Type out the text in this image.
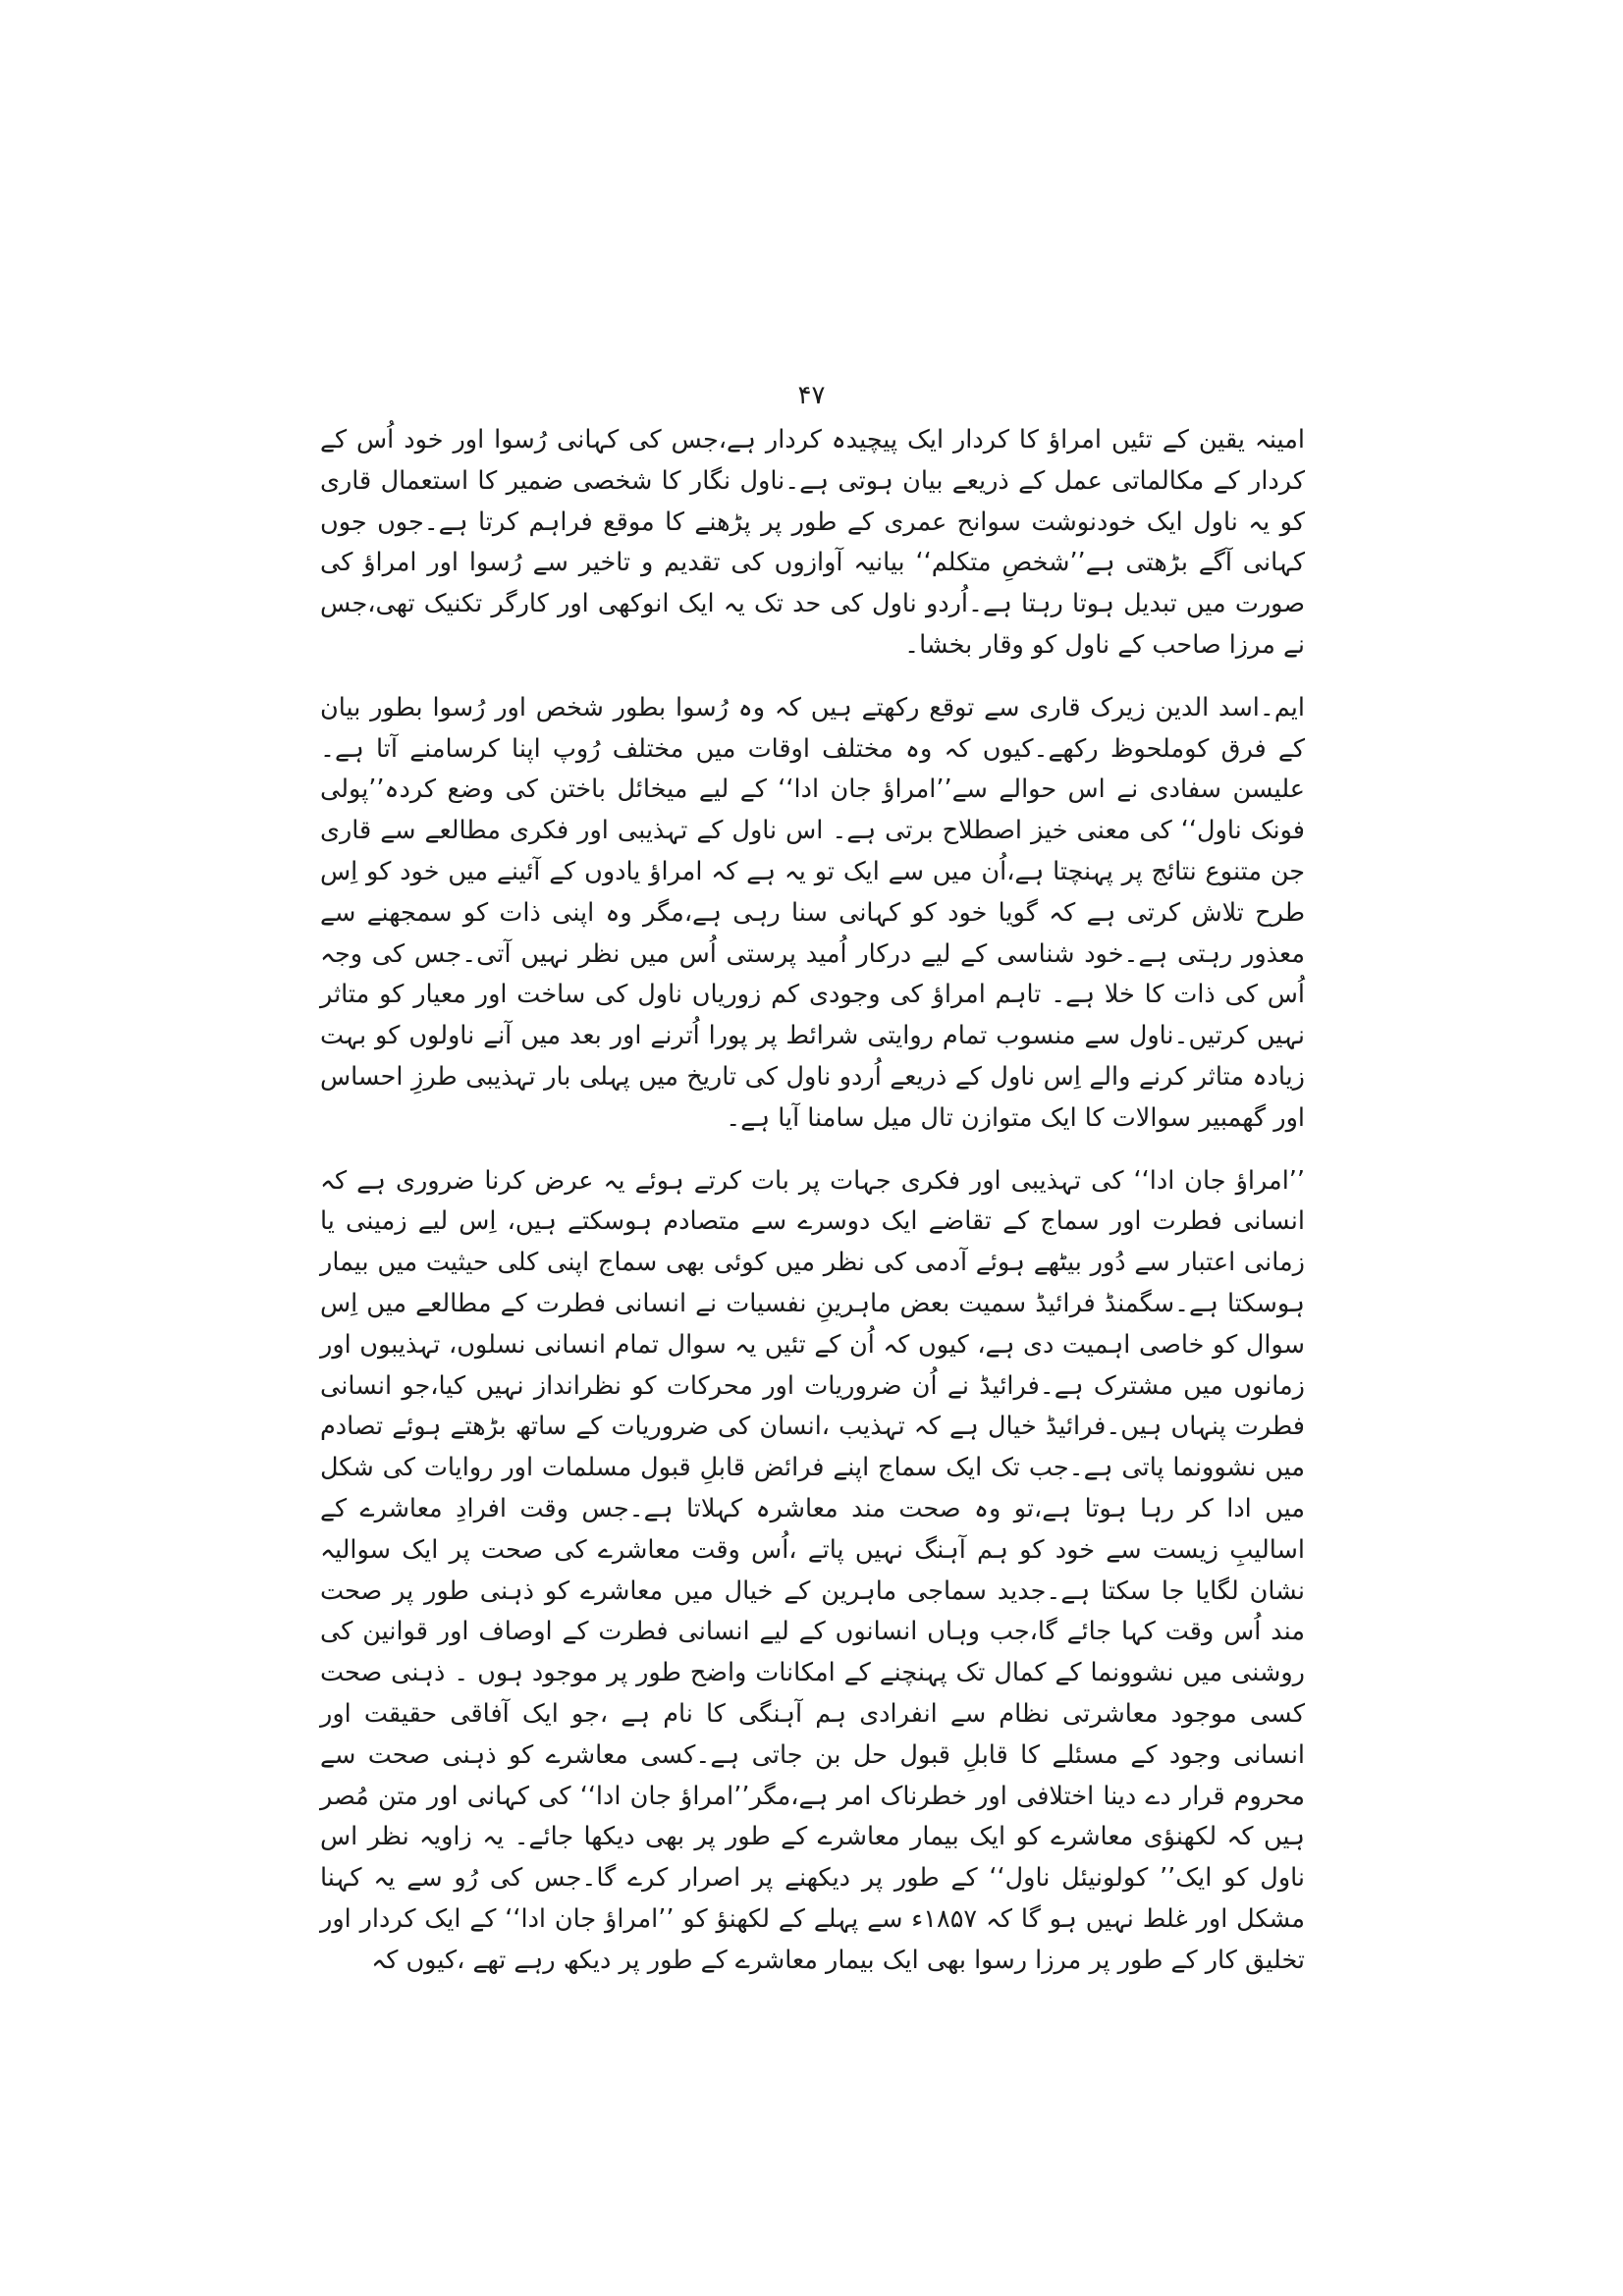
۴۷

امینہ یقین کے تئیں امراؤ کا کردار ایک پیچیدہ کردار ہے،جس کی کہانی رُسوا اور خود اُس کے کردار کے مکالماتی عمل کے ذریعے بیان ہوتی ہے۔ناول نگار کا شخصی ضمیر کا استعمال قاری کو یہ ناول ایک خودنوشت سوانح عمری کے طور پر پڑھنے کا موقع فراہم کرتا ہے۔جوں جوں کہانی آگے بڑھتی ہے’’شخصِ متکلم‘‘ بیانیہ آوازوں کی تقدیم و تاخیر سے رُسوا اور امراؤ کی صورت میں تبدیل ہوتا رہتا ہے۔اُردو ناول کی حد تک یہ ایک انوکھی اور کارگر تکنیک تھی،جس نے مرزا صاحب کے ناول کو وقار بخشا۔

ایم۔اسد الدین زیرک قاری سے توقع رکھتے ہیں کہ وہ رُسوا بطور شخص اور رُسوا بطور بیان کے فرق کوملحوظ رکھے۔کیوں کہ وہ مختلف اوقات میں مختلف رُوپ اپنا کرسامنے آتا ہے۔علیسن سفادی نے اس حوالے سے’’امراؤ جان ادا‘‘ کے لیے میخائل باختن کی وضع کردہ’’پولی فونک ناول‘‘ کی معنی خیز اصطلاح برتی ہے۔ اس ناول کے تہذیبی اور فکری مطالعے سے قاری جن متنوع نتائج پر پہنچتا ہے،اُن میں سے ایک تو یہ ہے کہ امراؤ یادوں کے آئینے میں خود کو اِس طرح تلاش کرتی ہے کہ گویا خود کو کہانی سنا رہی ہے،مگر وہ اپنی ذات کو سمجھنے سے معذور رہتی ہے۔خود شناسی کے لیے درکار اُمید پرستی اُس میں نظر نہیں آتی۔جس کی وجہ اُس کی ذات کا خلا ہے۔ تاہم امراؤ کی وجودی کم زوریاں ناول کی ساخت اور معیار کو متاثر نہیں کرتیں۔ناول سے منسوب تمام روایتی شرائط پر پورا اُترنے اور بعد میں آنے ناولوں کو بہت زیادہ متاثر کرنے والے اِس ناول کے ذریعے اُردو ناول کی تاریخ میں پہلی بار تہذیبی طرزِ احساس اور گھمبیر سوالات کا ایک متوازن تال میل سامنا آیا ہے۔

’’امراؤ جان ادا‘‘ کی تہذیبی اور فکری جہات پر بات کرتے ہوئے یہ عرض کرنا ضروری ہے کہ انسانی فطرت اور سماج کے تقاضے ایک دوسرے سے متصادم ہوسکتے ہیں، اِس لیے زمینی یا زمانی اعتبار سے دُور بیٹھے ہوئے آدمی کی نظر میں کوئی بھی سماج اپنی کلی حیثیت میں بیمار ہوسکتا ہے۔سگمنڈ فرائیڈ سمیت بعض ماہرینِ نفسیات نے انسانی فطرت کے مطالعے میں اِس سوال کو خاصی اہمیت دی ہے، کیوں کہ اُن کے تئیں یہ سوال تمام انسانی نسلوں، تہذیبوں اور زمانوں میں مشترک ہے۔فرائیڈ نے اُن ضروریات اور محرکات کو نظرانداز نہیں کیا،جو انسانی فطرت پنہاں ہیں۔فرائیڈ خیال ہے کہ تہذیب ،انسان کی ضروریات کے ساتھ بڑھتے ہوئے تصادم میں نشوونما پاتی ہے۔جب تک ایک سماج اپنے فرائض قابلِ قبول مسلمات اور روایات کی شکل میں ادا کر رہا ہوتا ہے،تو وہ صحت مند معاشرہ کہلاتا ہے۔جس وقت افرادِ معاشرے کے اسالیبِ زیست سے خود کو ہم آہنگ نہیں پاتے ،اُس وقت معاشرے کی صحت پر ایک سوالیہ نشان لگایا جا سکتا ہے۔جدید سماجی ماہرین کے خیال میں معاشرے کو ذہنی طور پر صحت مند اُس وقت کہا جائے گا،جب وہاں انسانوں کے لیے انسانی فطرت کے اوصاف اور قوانین کی روشنی میں نشوونما کے کمال تک پہنچنے کے امکانات واضح طور پر موجود ہوں ۔ ذہنی صحت کسی موجود معاشرتی نظام سے انفرادی ہم آہنگی کا نام ہے ،جو ایک آفاقی حقیقت اور انسانی وجود کے مسئلے کا قابلِ قبول حل بن جاتی ہے۔کسی معاشرے کو ذہنی صحت سے محروم قرار دے دینا اختلافی اور خطرناک امر ہے،مگر’’امراؤ جان ادا‘‘ کی کہانی اور متن مُصر ہیں کہ لکھنؤی معاشرے کو ایک بیمار معاشرے کے طور پر بھی دیکھا جائے۔ یہ زاویہ نظر اس ناول کو ایک’’ کولونیئل ناول‘‘ کے طور پر دیکھنے پر اصرار کرے گا۔جس کی رُو سے یہ کہنا مشکل اور غلط نہیں ہو گا کہ ۱۸۵۷ء سے پہلے کے لکھنؤ کو ’’امراؤ جان ادا‘‘ کے ایک کردار اور تخلیق کار کے طور پر مرزا رسوا بھی ایک بیمار معاشرے کے طور پر دیکھ رہے تھے ،کیوں کہ
